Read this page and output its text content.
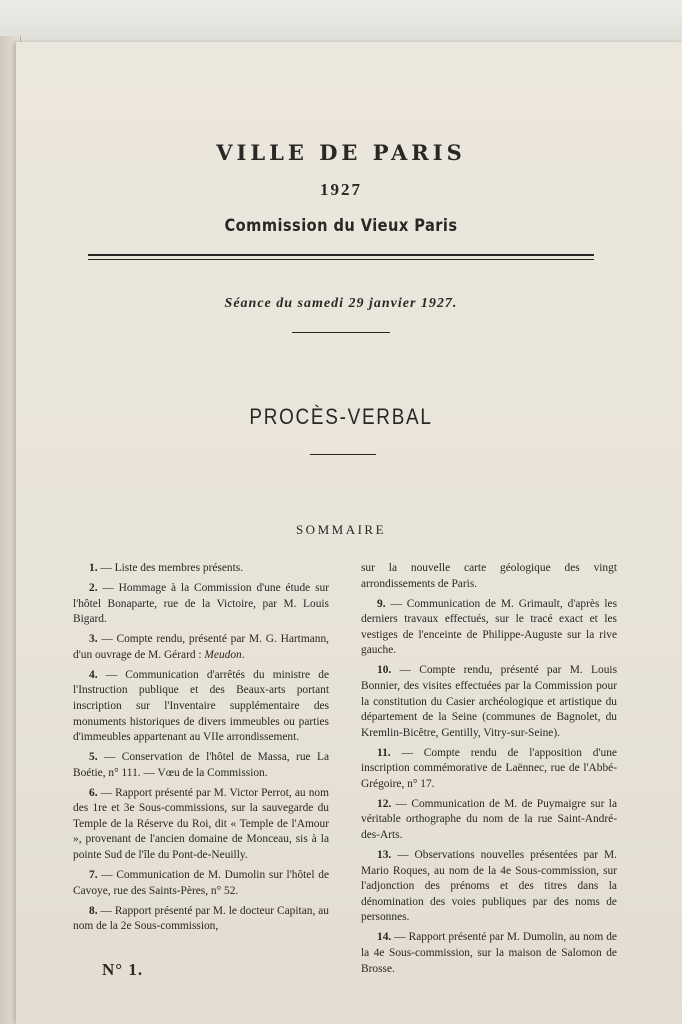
VILLE DE PARIS
1927
Commission du Vieux Paris
Séance du samedi 29 janvier 1927.
PROCÈS-VERBAL
SOMMAIRE

1. — Liste des membres présents.

2. — Hommage à la Commission d'une étude sur l'hôtel Bonaparte, rue de la Victoire, par M. Louis Bigard.

3. — Compte rendu, présenté par M. G. Hartmann, d'un ouvrage de M. Gérard : Meudon.

4. — Communication d'arrêtés du ministre de l'Instruction publique et des Beaux-arts portant inscription sur l'Inventaire supplémentaire des monuments historiques de divers immeubles ou parties d'immeubles appartenant au VIIe arrondissement.

5. — Conservation de l'hôtel de Massa, rue La Boétie, n° 111. — Vœu de la Commission.

6. — Rapport présenté par M. Victor Perrot, au nom des 1re et 3e Sous-commissions, sur la sauvegarde du Temple de la Réserve du Roi, dit « Temple de l'Amour », provenant de l'ancien domaine de Monceau, sis à la pointe Sud de l'île du Pont-de-Neuilly.

7. — Communication de M. Dumolin sur l'hôtel de Cavoye, rue des Saints-Pères, n° 52.

8. — Rapport présenté par M. le docteur Capitan, au nom de la 2e Sous-commission,

sur la nouvelle carte géologique des vingt arrondissements de Paris.

9. — Communication de M. Grimault, d'après les derniers travaux effectués, sur le tracé exact et les vestiges de l'enceinte de Philippe-Auguste sur la rive gauche.

10. — Compte rendu, présenté par M. Louis Bonnier, des visites effectuées par la Commission pour la constitution du Casier archéologique et artistique du département de la Seine (communes de Bagnolet, du Kremlin-Bicêtre, Gentilly, Vitry-sur-Seine).

11. — Compte rendu de l'apposition d'une inscription commémorative de Laënnec, rue de l'Abbé-Grégoire, n° 17.

12. — Communication de M. de Puymaigre sur la véritable orthographe du nom de la rue Saint-André-des-Arts.

13. — Observations nouvelles présentées par M. Mario Roques, au nom de la 4e Sous-commission, sur l'adjonction des prénoms et des titres dans la dénomination des voies publiques par des noms de personnes.

14. — Rapport présenté par M. Dumolin, au nom de la 4e Sous-commission, sur la maison de Salomon de Brosse.

N° 1.
